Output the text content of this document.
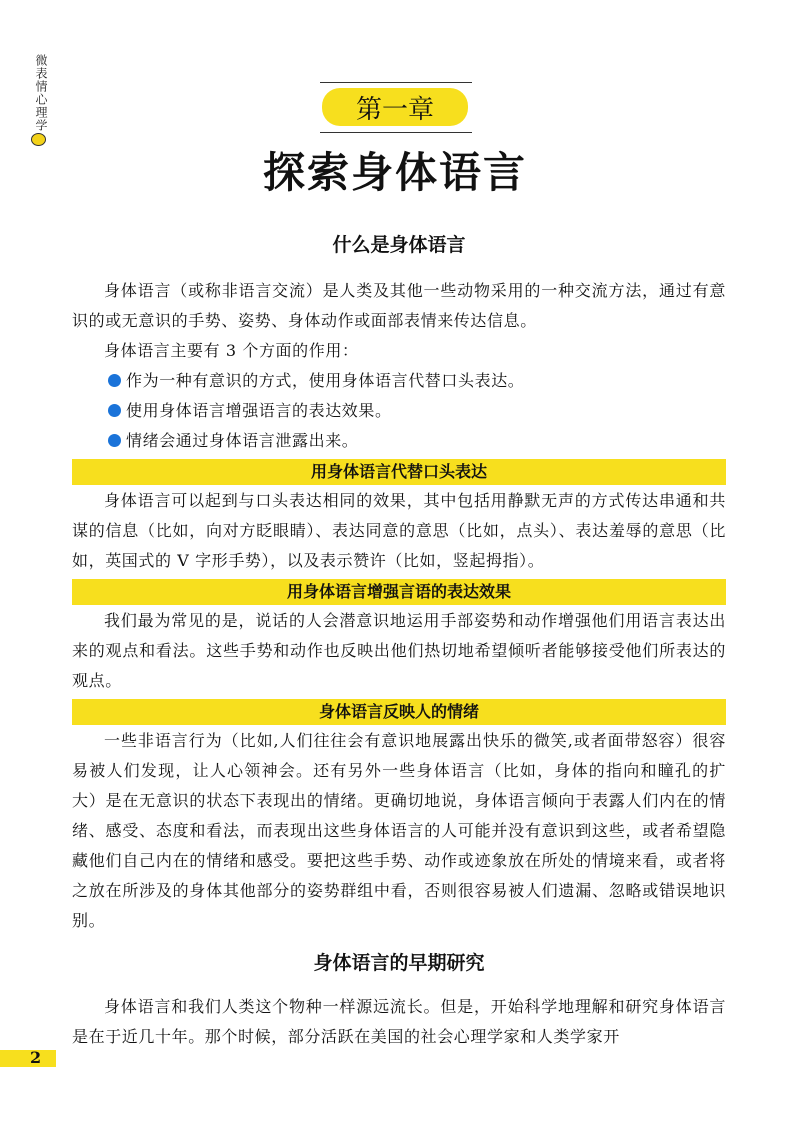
微表情心理学	第一章
探索身体语言
什么是身体语言

身体语言（或称非语言交流）是人类及其他一些动物采用的一种交流方法，通过有意识的或无意识的手势、姿势、身体动作或面部表情来传达信息。

身体语言主要有 3 个方面的作用：

作为一种有意识的方式，使用身体语言代替口头表达。
使用身体语言增强语言的表达效果。
情绪会通过身体语言泄露出来。
用身体语言代替口头表达

身体语言可以起到与口头表达相同的效果，其中包括用静默无声的方式传达串通和共谋的信息（比如，向对方眨眼睛）、表达同意的意思（比如，点头）、表达羞辱的意思（比如，英国式的 V 字形手势），以及表示赞许（比如，竖起拇指）。

用身体语言增强言语的表达效果

我们最为常见的是，说话的人会潜意识地运用手部姿势和动作增强他们用语言表达出来的观点和看法。这些手势和动作也反映出他们热切地希望倾听者能够接受他们所表达的观点。

身体语言反映人的情绪

一些非语言行为（比如,人们往往会有意识地展露出快乐的微笑,或者面带怒容）很容易被人们发现，让人心领神会。还有另外一些身体语言（比如，身体的指向和瞳孔的扩大）是在无意识的状态下表现出的情绪。更确切地说，身体语言倾向于表露人们内在的情绪、感受、态度和看法，而表现出这些身体语言的人可能并没有意识到这些，或者希望隐藏他们自己内在的情绪和感受。要把这些手势、动作或迹象放在所处的情境来看，或者将之放在所涉及的身体其他部分的姿势群组中看，否则很容易被人们遗漏、忽略或错误地识别。

身体语言的早期研究

身体语言和我们人类这个物种一样源远流长。但是，开始科学地理解和研究身体语言是在于近几十年。那个时候，部分活跃在美国的社会心理学家和人类学家开

2
